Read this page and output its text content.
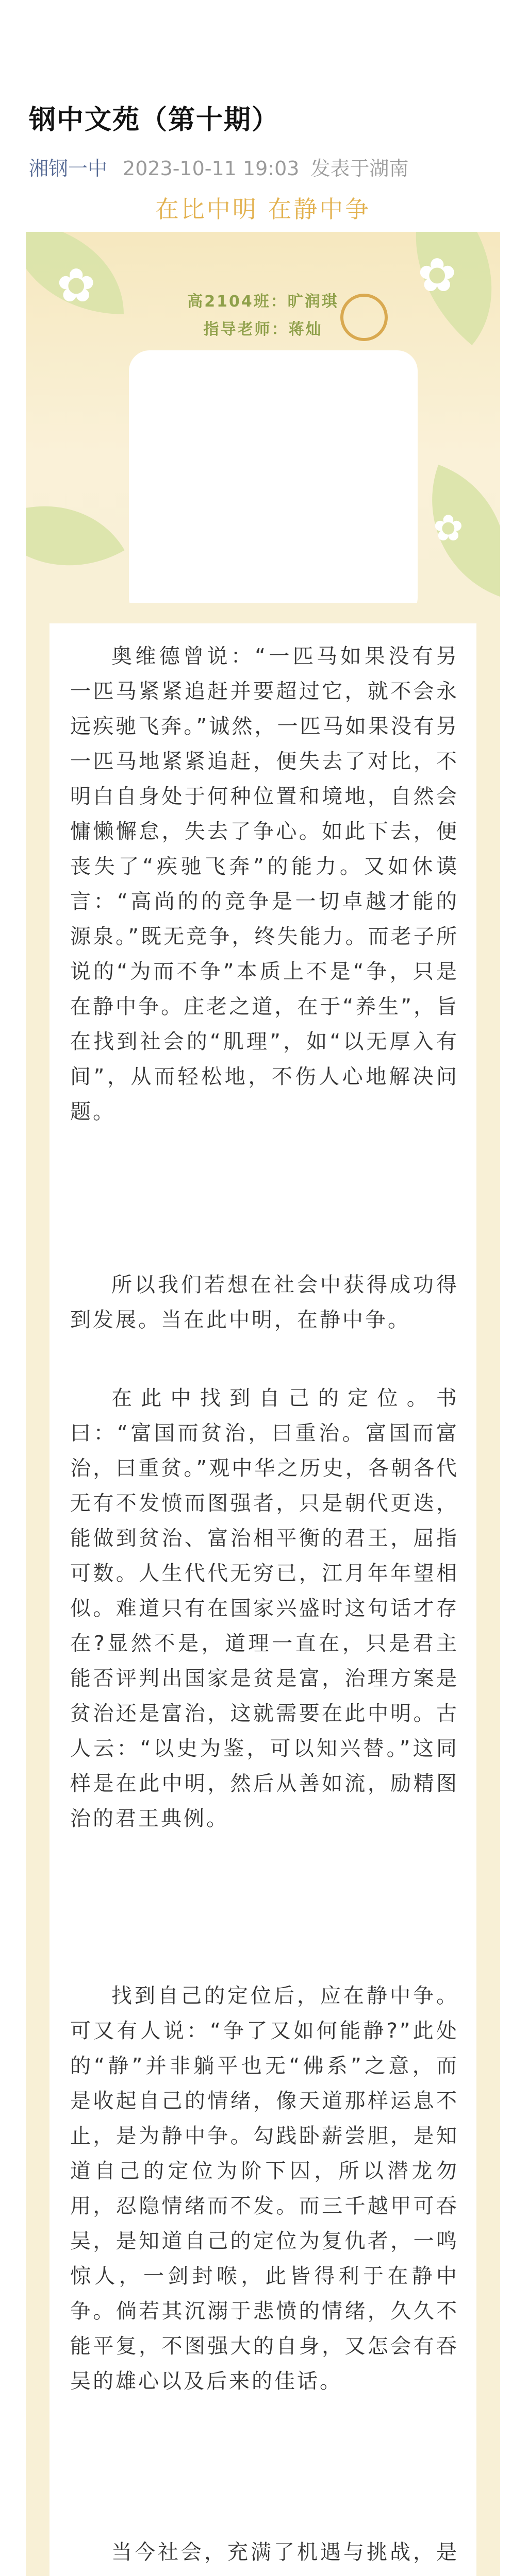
钢中文苑（第十期）
湘钢一中 2023-10-11 19:03 发表于湖南
✿	✿
✿
在比中明 在静中争
高2104班：旷润琪
指导老师：蒋灿

奥维德曾说：“一匹马如果没有另一匹马紧紧追赶并要超过它，就不会永远疾驰飞奔。”诚然，一匹马如果没有另一匹马地紧紧追赶，便失去了对比，不明白自身处于何种位置和境地，自然会慵懒懈怠，失去了争心。如此下去，便丧失了“疾驰飞奔”的能力。又如休谟言：“高尚的的竞争是一切卓越才能的源泉。”既无竞争，终失能力。而老子所说的“为而不争”本质上不是“争，只是在静中争。庄老之道，在于“养生”，旨在找到社会的“肌理”，如“以无厚入有间”，从而轻松地，不伤人心地解决问题。

所以我们若想在社会中获得成功得到发展。当在此中明，在静中争。

在此中找到自己的定位。书曰：“富国而贫治，曰重治。富国而富治，曰重贫。”观中华之历史，各朝各代无有不发愤而图强者，只是朝代更迭，能做到贫治、富治相平衡的君王，屈指可数。人生代代无穷已，江月年年望相似。难道只有在国家兴盛时这句话才存在?显然不是，道理一直在，只是君主能否评判出国家是贫是富，治理方案是贫治还是富治，这就需要在此中明。古人云：“以史为鉴，可以知兴替。”这同样是在此中明，然后从善如流，励精图治的君王典例。

找到自己的定位后，应在静中争。可又有人说：“争了又如何能静?”此处的“静”并非躺平也无“佛系”之意，而是收起自己的情绪，像天道那样运息不止，是为静中争。勾践卧薪尝胆，是知道自己的定位为阶下囚，所以潜龙勿用，忍隐情绪而不发。而三千越甲可吞吴，是知道自己的定位为复仇者，一鸣惊人，一剑封喉，此皆得利于在静中争。倘若其沉溺于悲愤的情绪，久久不能平复，不图强大的自身，又怎会有吞吴的雄心以及后来的佳话。

当今社会，充满了机遇与挑战，是
